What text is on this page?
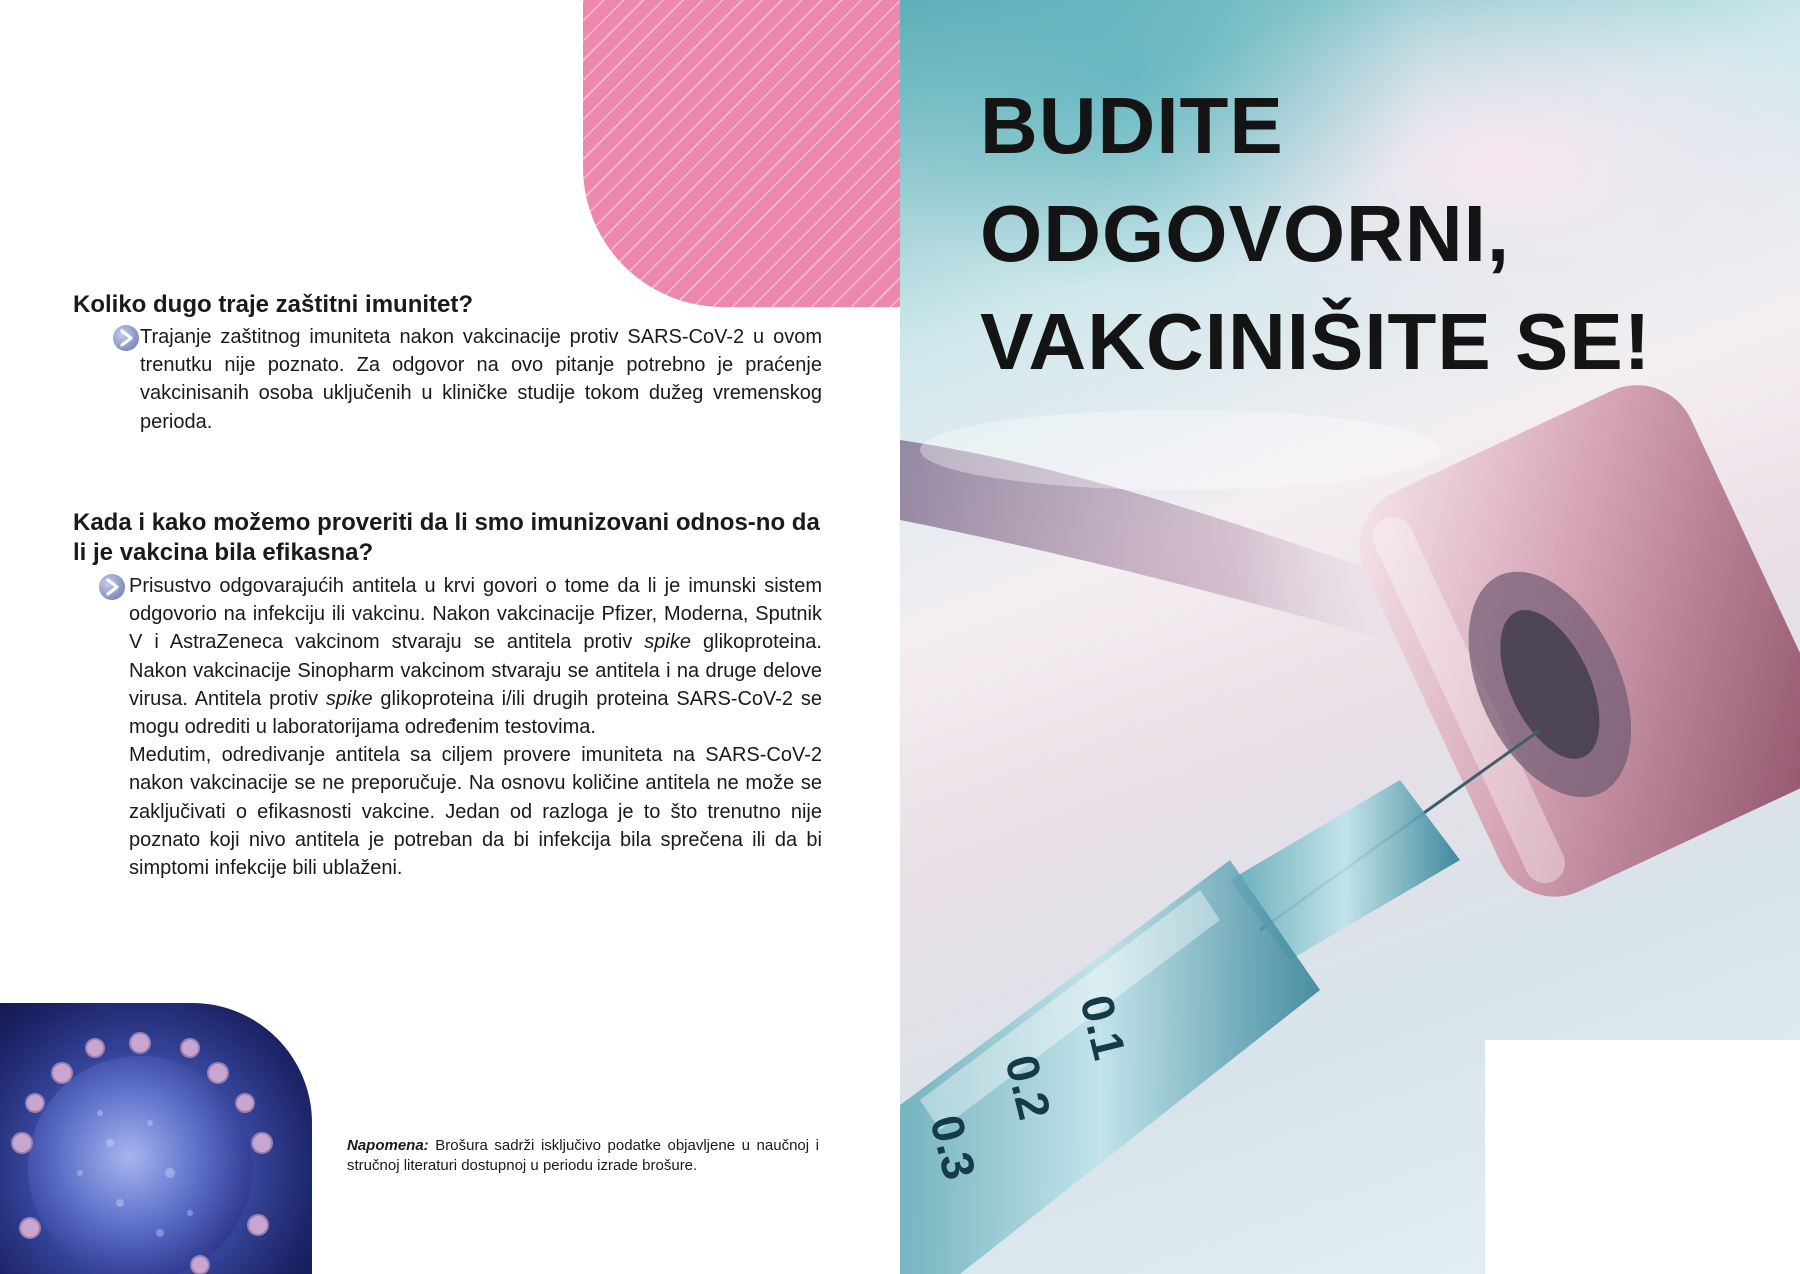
Koliko dugo traje zaštitni imunitet?

Trajanje zaštitnog imuniteta nakon vakcinacije protiv SARS-CoV-2 u ovom trenutku nije poznato. Za odgovor na ovo pitanje potrebno je praćenje vakcinisanih osoba uključenih u kliničke studije tokom dužeg vremenskog perioda.

Kada i kako možemo proveriti da li smo imunizovani odnos-no da li je vakcina bila efikasna?

Prisustvo odgovarajućih antitela u krvi govori o tome da li je imunski sistem odgovorio na infekciju ili vakcinu. Nakon vakcinacije Pfizer, Moderna, Sputnik V i AstraZeneca vakcinom stvaraju se antitela protiv spike glikoproteina. Nakon vakcinacije Sinopharm vakcinom stvaraju se antitela i na druge delove virusa. Antitela protiv spike glikoproteina i/ili drugih proteina SARS-CoV-2 se mogu odrediti u laboratorijama određenim testovima.

Medutim, odredivanje antitela sa ciljem provere imuniteta na SARS-CoV-2 nakon vakcinacije se ne preporučuje. Na osnovu količine antitela ne može se zaključivati o efikasnosti vakcine. Jedan od razloga je to što trenutno nije poznato koji nivo antitela je potreban da bi infekcija bila sprečena ili da bi simptomi infekcije bili ublaženi.

Napomena: Brošura sadrži isključivo podatke objavljene u naučnoj i stručnoj literaturi dostupnoj u periodu izrade brošure.

0.1
0.2
0.3
BUDITE
ODGOVORNI,
VAKCINIŠITE SE!
